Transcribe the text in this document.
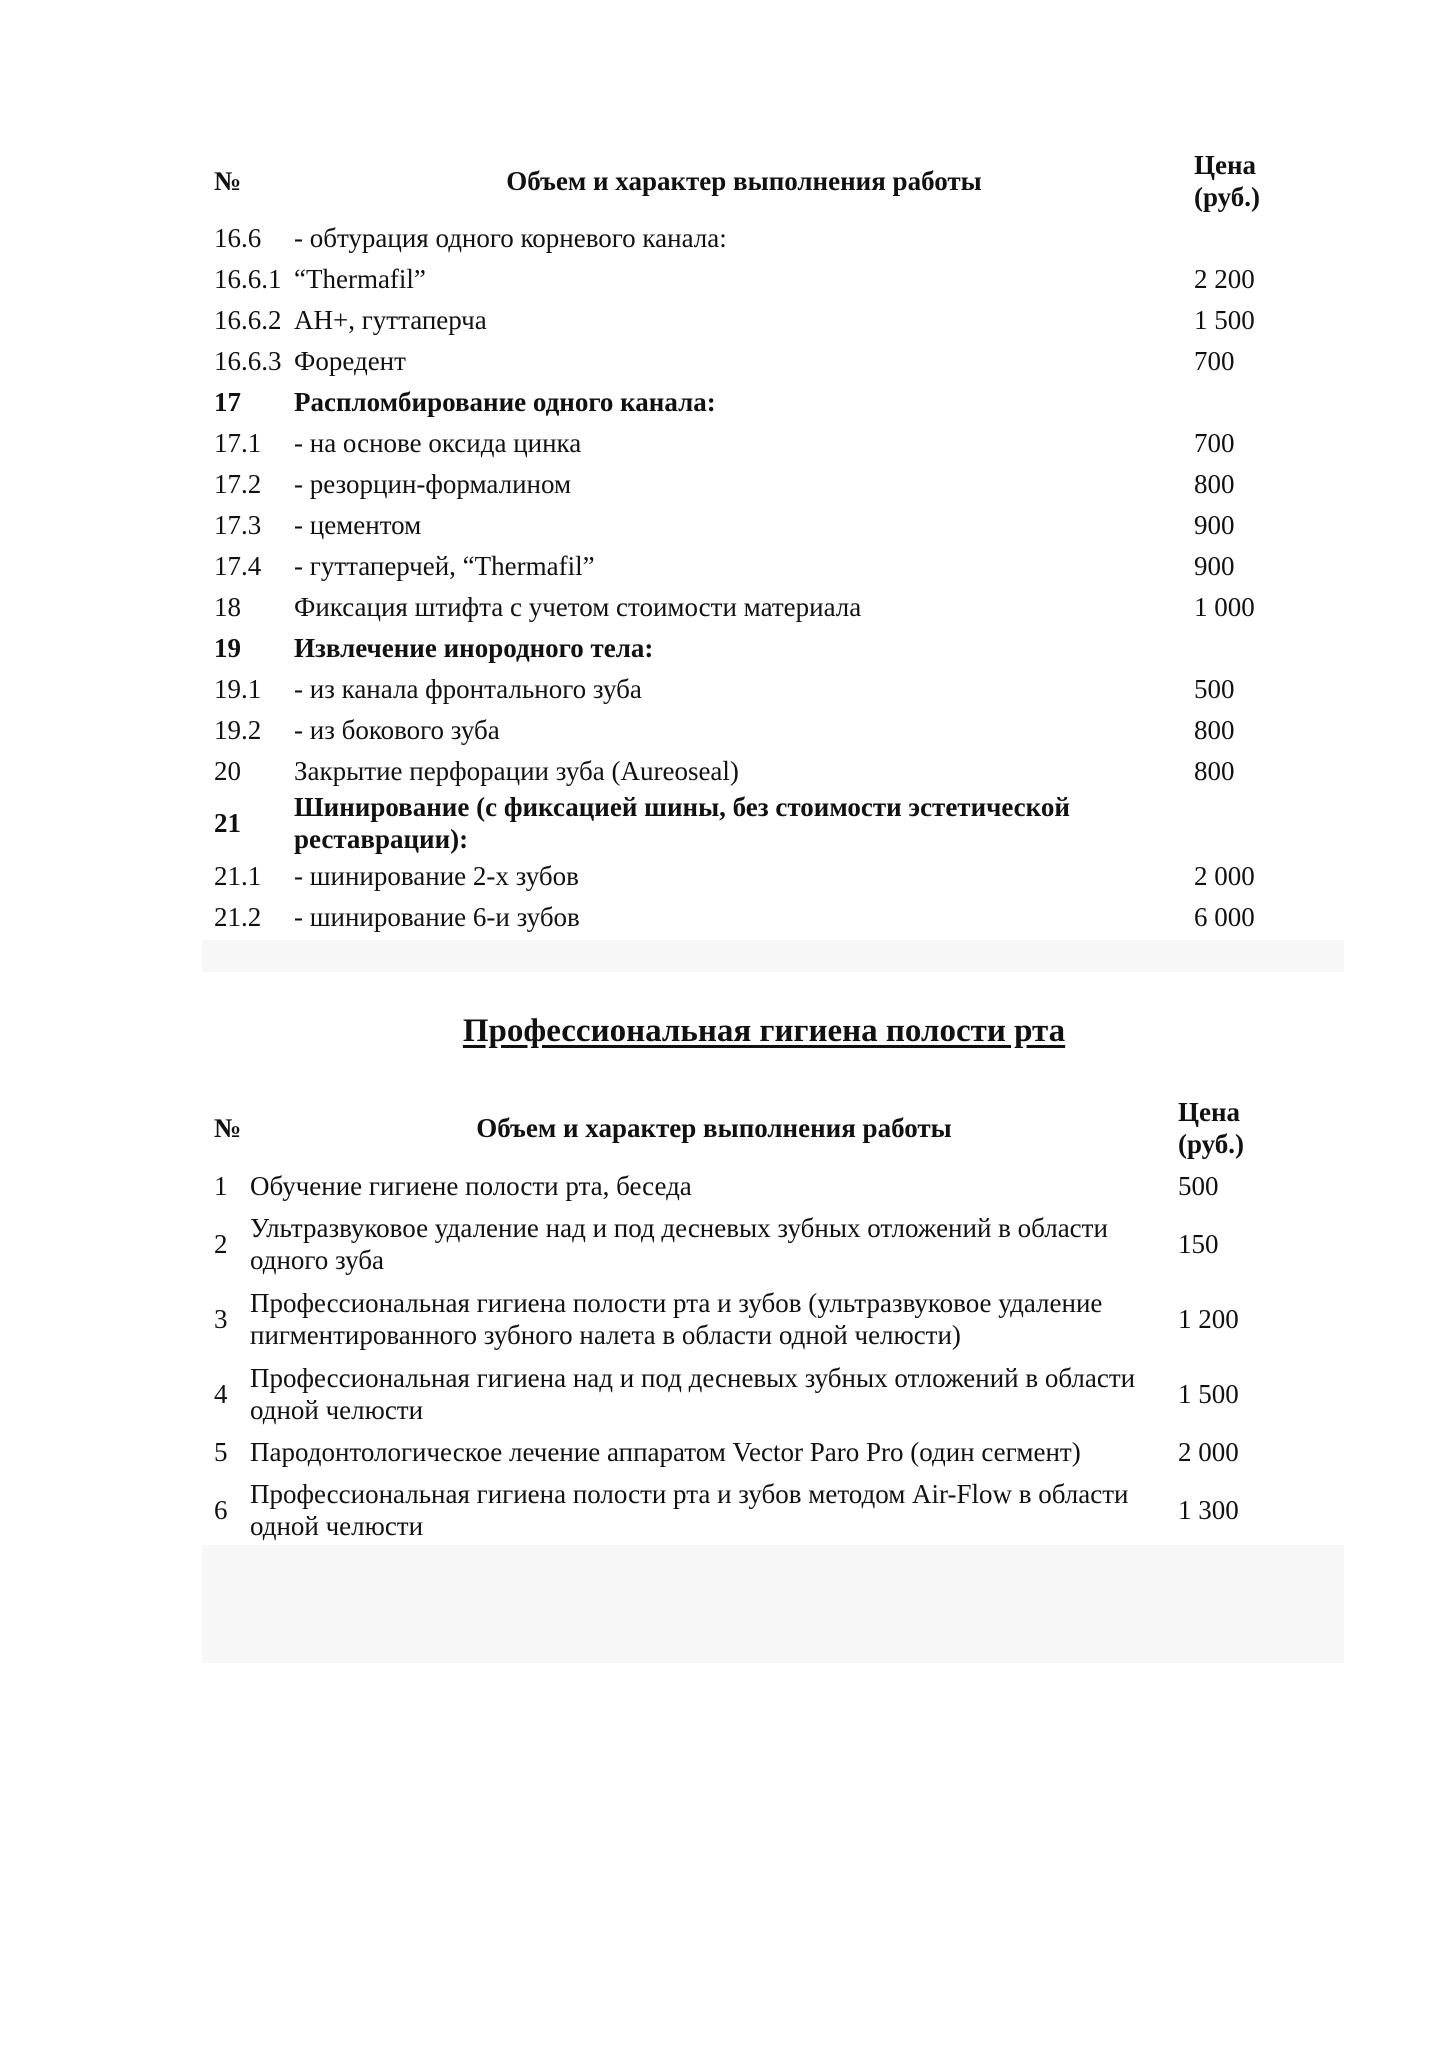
№	Объем и характер выполнения работы	Цена
(руб.)
16.6	- обтурация одного корневого канала:	
16.6.1	“Thermafil”	2 200
16.6.2	АН+, гуттаперча	1 500
16.6.3	Форедент	700
17	Распломбирование одного канала:	
17.1	- на основе оксида цинка	700
17.2	- резорцин-формалином	800
17.3	- цементом	900
17.4	- гуттаперчей, “Thermafil”	900
18	Фиксация штифта с учетом стоимости материала	1 000
19	Извлечение инородного тела:	
19.1	- из канала фронтального зуба	500
19.2	- из бокового зуба	800
20	Закрытие перфорации зуба (Aureoseal)	800
21	Шинирование (с фиксацией шины, без стоимости эстетической реставрации):	
21.1	- шинирование 2-х зубов	2 000
21.2	- шинирование 6-и зубов	6 000
Профессиональная гигиена полости рта
№	Объем и характер выполнения работы	Цена
(руб.)
1	Обучение гигиене полости рта, беседа	500
2	Ультразвуковое удаление над и под десневых зубных отложений в области одного зуба	150
3	Профессиональная гигиена полости рта и зубов (ультразвуковое удаление пигментированного зубного налета в области одной челюсти)	1 200
4	Профессиональная гигиена над и под десневых зубных отложений в области одной челюсти	1 500
5	Пародонтологическое лечение аппаратом Vector Paro Pro (один сегмент)	2 000
6	Профессиональная гигиена полости рта и зубов методом Air-Flow в области одной челюсти	1 300
